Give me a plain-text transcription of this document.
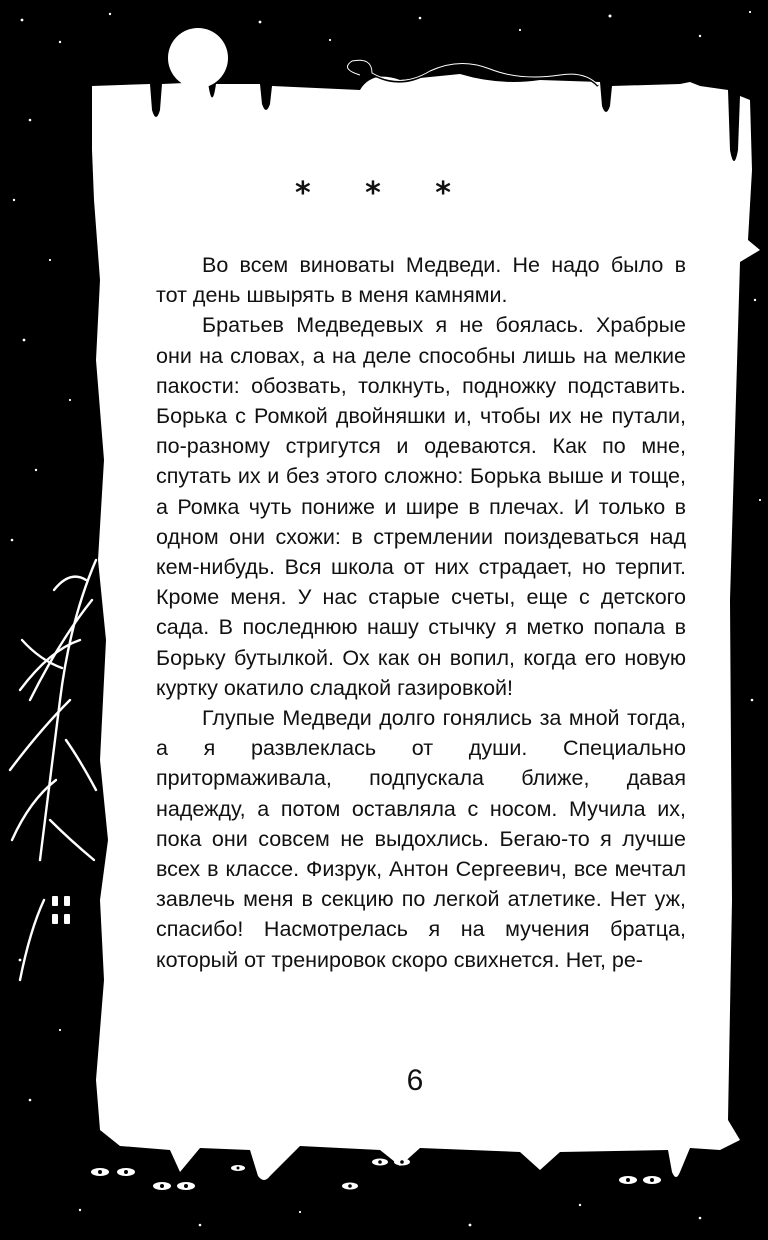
* * *

Во всем виноваты Медведи. Не надо было в тот день швырять в меня камнями.

Братьев Медведевых я не боялась. Храбрые они на словах, а на деле способны лишь на мелкие пакости: обозвать, толкнуть, подножку подставить. Борька с Ромкой двойняшки и, чтобы их не путали, по-разному стригутся и одеваются. Как по мне, спутать их и без этого сложно: Борька выше и тоще, а Ромка чуть пониже и шире в плечах. И только в одном они схожи: в стремлении поиздеваться над кем-нибудь. Вся школа от них страдает, но терпит. Кроме меня. У нас старые счеты, еще с детского сада. В последнюю нашу стычку я метко попала в Борьку бутылкой. Ох как он вопил, когда его новую куртку окатило сладкой газировкой!

Глупые Медведи долго гонялись за мной тогда, а я развлеклась от души. Специально притормаживала, подпускала ближе, давая надежду, а потом оставляла с носом. Мучила их, пока они совсем не выдохлись. Бегаю-то я лучше всех в классе. Физрук, Антон Сергеевич, все мечтал завлечь меня в секцию по легкой атлетике. Нет уж, спасибо! Насмотрелась я на мучения братца, который от тренировок скоро свихнется. Нет, ре-

6
